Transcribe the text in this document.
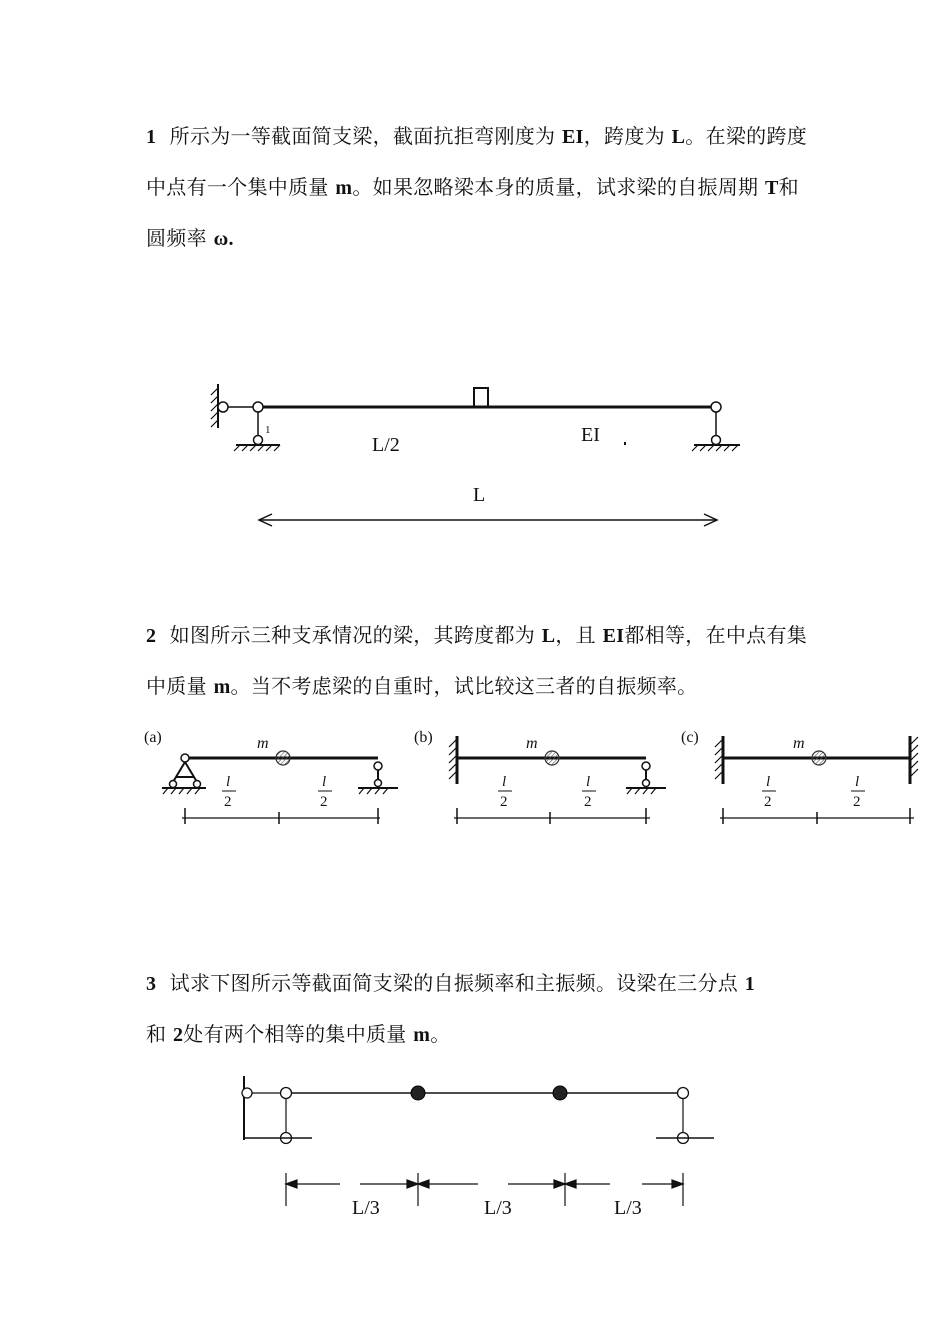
1 所示为一等截面简支梁，截面抗拒弯刚度为 EI，跨度为 L。在梁的跨度中点有一个集中质量 m。如果忽略梁本身的质量，试求梁的自振周期 T和圆频率 ω.
1
L/2	EI
L
2 如图所示三种支承情况的梁，其跨度都为 L，且 EI都相等，在中点有集中质量 m。当不考虑梁的自重时，试比较这三者的自振频率。
(a)	m
l
2
l
2
(b)	m
l
2
l
2
(c)	m
l
2
l
2
3 试求下图所示等截面简支梁的自振频率和主振频。设梁在三分点 1
和 2处有两个相等的集中质量 m。
L/3	L/3	L/3
